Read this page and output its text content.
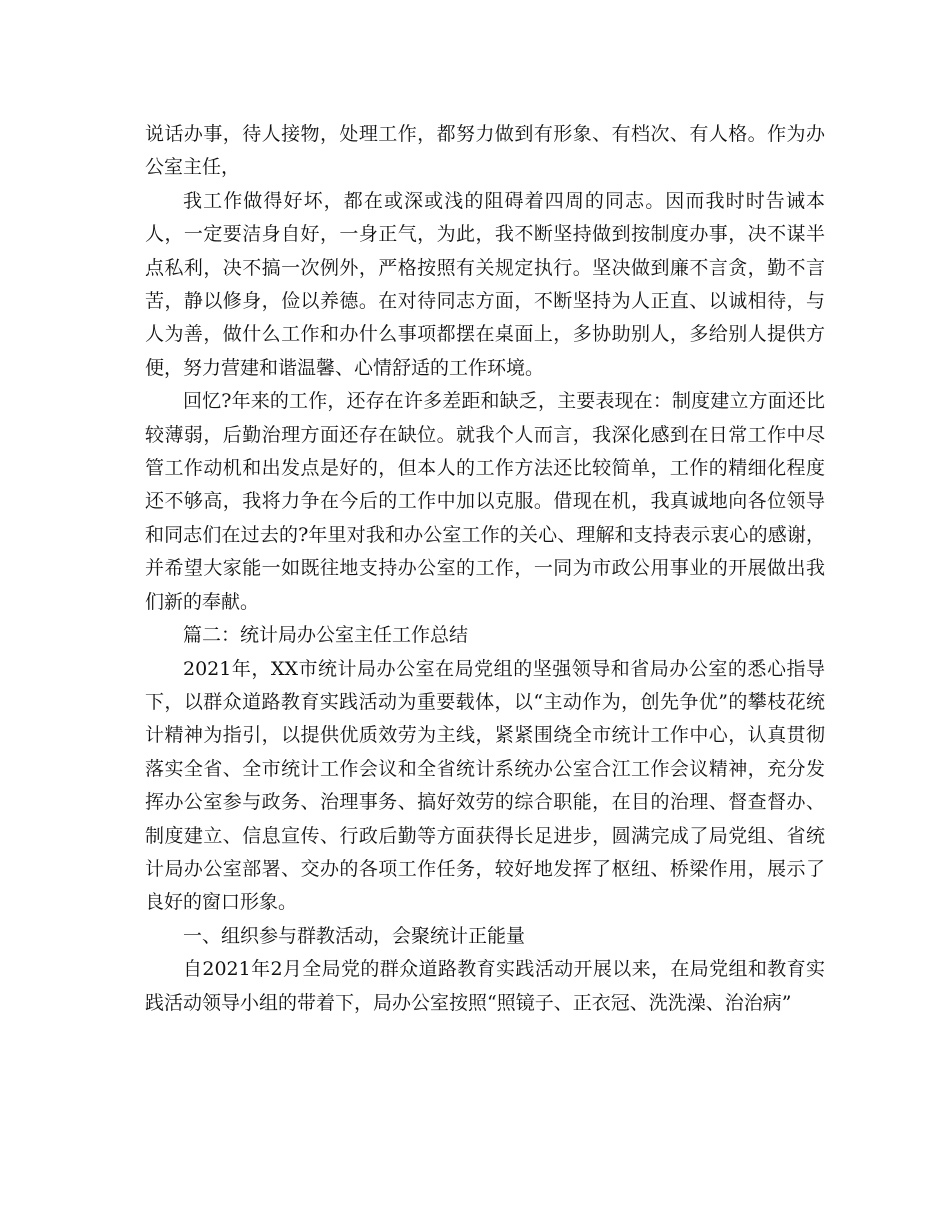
说话办事，待人接物，处理工作，都努力做到有形象、有档次、有人格。作为办公室主任，

我工作做得好坏，都在或深或浅的阻碍着四周的同志。因而我时时告诫本人，一定要洁身自好，一身正气，为此，我不断坚持做到按制度办事，决不谋半点私利，决不搞一次例外，严格按照有关规定执行。坚决做到廉不言贪，勤不言苦，静以修身，俭以养德。在对待同志方面，不断坚持为人正直、以诚相待，与人为善，做什么工作和办什么事项都摆在桌面上，多协助别人，多给别人提供方便，努力营建和谐温馨、心情舒适的工作环境。

回忆?年来的工作，还存在许多差距和缺乏，主要表现在：制度建立方面还比较薄弱，后勤治理方面还存在缺位。就我个人而言，我深化感到在日常工作中尽管工作动机和出发点是好的，但本人的工作方法还比较简单，工作的精细化程度还不够高，我将力争在今后的工作中加以克服。借现在机，我真诚地向各位领导和同志们在过去的?年里对我和办公室工作的关心、理解和支持表示衷心的感谢，并希望大家能一如既往地支持办公室的工作，一同为市政公用事业的开展做出我们新的奉献。

篇二：统计局办公室主任工作总结

2021年，XX市统计局办公室在局党组的坚强领导和省局办公室的悉心指导下，以群众道路教育实践活动为重要载体，以“主动作为，创先争优”的攀枝花统计精神为指引，以提供优质效劳为主线，紧紧围绕全市统计工作中心，认真贯彻落实全省、全市统计工作会议和全省统计系统办公室合江工作会议精神，充分发挥办公室参与政务、治理事务、搞好效劳的综合职能，在目的治理、督查督办、制度建立、信息宣传、行政后勤等方面获得长足进步，圆满完成了局党组、省统计局办公室部署、交办的各项工作任务，较好地发挥了枢纽、桥梁作用，展示了良好的窗口形象。

一、组织参与群教活动，会聚统计正能量

自2021年2月全局党的群众道路教育实践活动开展以来，在局党组和教育实践活动领导小组的带着下，局办公室按照“照镜子、正衣冠、洗洗澡、治治病”
